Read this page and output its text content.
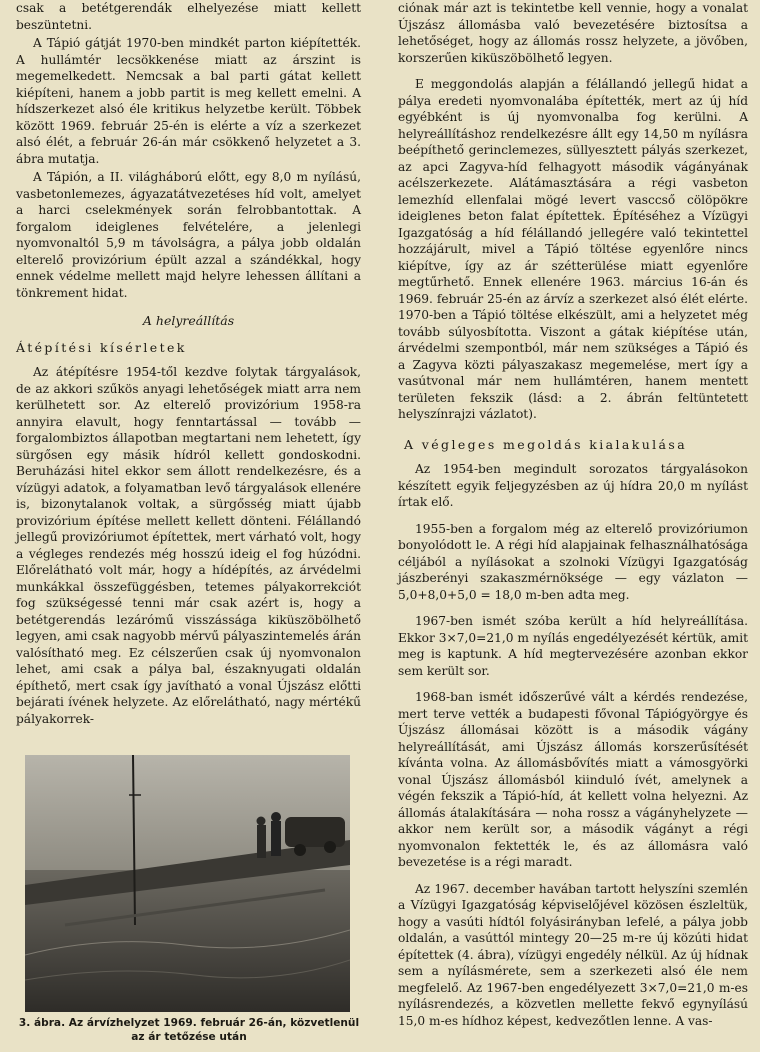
csak a betétgerendák elhelyezése miatt kellett beszüntetni.

A Tápió gátját 1970-ben mindkét parton kiépítették. A hullámtér lecsökkenése miatt az árszint is megemelkedett. Nemcsak a bal parti gátat kellett kiépíteni, hanem a jobb partit is meg kellett emelni. A hídszerkezet alsó éle kritikus helyzetbe került. Többek között 1969. február 25-én is elérte a víz a szerkezet alsó élét, a február 26-án már csökkenő helyzetet a 3. ábra mutatja.

A Tápión, a II. világháború előtt, egy 8,0 m nyílású, vasbetonlemezes, ágyazatátvezetéses híd volt, amelyet a harci cselekmények során felrobbantottak. A forgalom ideiglenes felvételére, a jelenlegi nyomvonaltól 5,9 m távolságra, a pálya jobb oldalán elterelő provizórium épült azzal a szándékkal, hogy ennek védelme mellett majd helyre lehessen állítani a tönkrement hidat.

A helyreállítás
Átépítési kísérletek

Az átépítésre 1954-től kezdve folytak tárgyalások, de az akkori szűkös anyagi lehetőségek miatt arra nem kerülhetett sor. Az elterelő provizórium 1958-ra annyira elavult, hogy fenntartással — tovább — forgalombiztos állapotban megtartani nem lehetett, így sürgősen egy másik hídról kellett gondoskodni. Beruházási hitel ekkor sem állott rendelkezésre, és a vízügyi adatok, a folyamatban levő tárgyalások ellenére is, bizonytalanok voltak, a sürgősség miatt újabb provizórium építése mellett kellett dönteni. Félállandó jellegű provizóriumot építettek, mert várható volt, hogy a végleges rendezés még hosszú ideig el fog húzódni. Előrelátható volt már, hogy a hídépítés, az árvédelmi munkákkal összefüggésben, tetemes pályakorrekciót fog szükségessé tenni már csak azért is, hogy a betétgerendás lezárómű visszássága kiküszöbölhető legyen, ami csak nagyobb mérvű pályaszintemelés árán valósítható meg. Ez célszerűen csak új nyomvonalon lehet, ami csak a pálya bal, északnyugati oldalán építhető, mert csak így javítható a vonal Újszász előtti bejárati ívének helyzete. Az előrelátható, nagy mértékű pályakorrek-

3. ábra. Az árvízhelyzet 1969. február 26-án, közvetlenül az ár tetőzése után

ciónak már azt is tekintetbe kell vennie, hogy a vonalat Újszász állomásba való bevezetésére biztosítsa a lehetőséget, hogy az állomás rossz helyzete, a jövőben, korszerűen kiküszöbölhető legyen.

E meggondolás alapján a félállandó jellegű hidat a pálya eredeti nyomvonalába építették, mert az új híd egyébként is új nyomvonalba fog kerülni. A helyreállításhoz rendelkezésre állt egy 14,50 m nyílásra beépíthető gerinclemezes, süllyesztett pályás szerkezet, az apci Zagyva-híd felhagyott második vágányának acélszerkezete. Alátámasztására a régi vasbeton lemezhíd ellenfalai mögé levert vasccső cölöpökre ideiglenes beton falat építettek. Építéséhez a Vízügyi Igazgatóság a híd félállandó jellegére való tekintettel hozzájárult, mivel a Tápió töltése egyenlőre nincs kiépítve, így az ár szétterülése miatt egyenlőre megtűrhető. Ennek ellenére 1963. március 16-án és 1969. február 25-én az árvíz a szerkezet alsó élét elérte. 1970-ben a Tápió töltése elkészült, ami a helyzetet még tovább súlyosbította. Viszont a gátak kiépítése után, árvédelmi szempontból, már nem szükséges a Tápió és a Zagyva közti pályaszakasz megemelése, mert így a vasútvonal már nem hullámtéren, hanem mentett területen fekszik (lásd: a 2. ábrán feltüntetett helyszínrajzi vázlatot).

A végleges megoldás kialakulása

Az 1954-ben megindult sorozatos tárgyalásokon készített egyik feljegyzésben az új hídra 20,0 m nyílást írtak elő.

1955-ben a forgalom még az elterelő provizóriumon bonyolódott le. A régi híd alapjainak felhasználhatósága céljából a nyílásokat a szolnoki Vízügyi Igazgatóság jászberényi szakaszmérnöksége — egy vázlaton — 5,0+8,0+5,0 = 18,0 m-ben adta meg.

1967-ben ismét szóba került a híd helyreállítása. Ekkor 3×7,0=21,0 m nyílás engedélyezését kértük, amit meg is kaptunk. A híd megtervezésére azonban ekkor sem került sor.

1968-ban ismét időszerűvé vált a kérdés rendezése, mert terve vették a budapesti fővonal Tápiógyörgye és Újszász állomásai között is a második vágány helyreállítását, ami Újszász állomás korszerűsítését kívánta volna. Az állomásbővítés miatt a vámosgyörki vonal Újszász állomásból kiinduló ívét, amelynek a végén fekszik a Tápió-híd, át kellett volna helyezni. Az állomás átalakítására — noha rossz a vágányhelyzete — akkor nem került sor, a második vágányt a régi nyomvonalon fektették le, és az állomásra való bevezetése is a régi maradt.

Az 1967. december havában tartott helyszíni szemlén a Vízügyi Igazgatóság képviselőjével közösen észleltük, hogy a vasúti hídtól folyásirányban lefelé, a pálya jobb oldalán, a vasúttól mintegy 20—25 m-re új közúti hidat építettek (4. ábra), vízügyi engedély nélkül. Az új hídnak sem a nyílásmérete, sem a szerkezeti alsó éle nem megfelelő. Az 1967-ben engedélyezett 3×7,0=21,0 m-es nyílásrendezés, a közvetlen mellette fekvő egynyílású 15,0 m-es hídhoz képest, kedvezőtlen lenne. A vas-
